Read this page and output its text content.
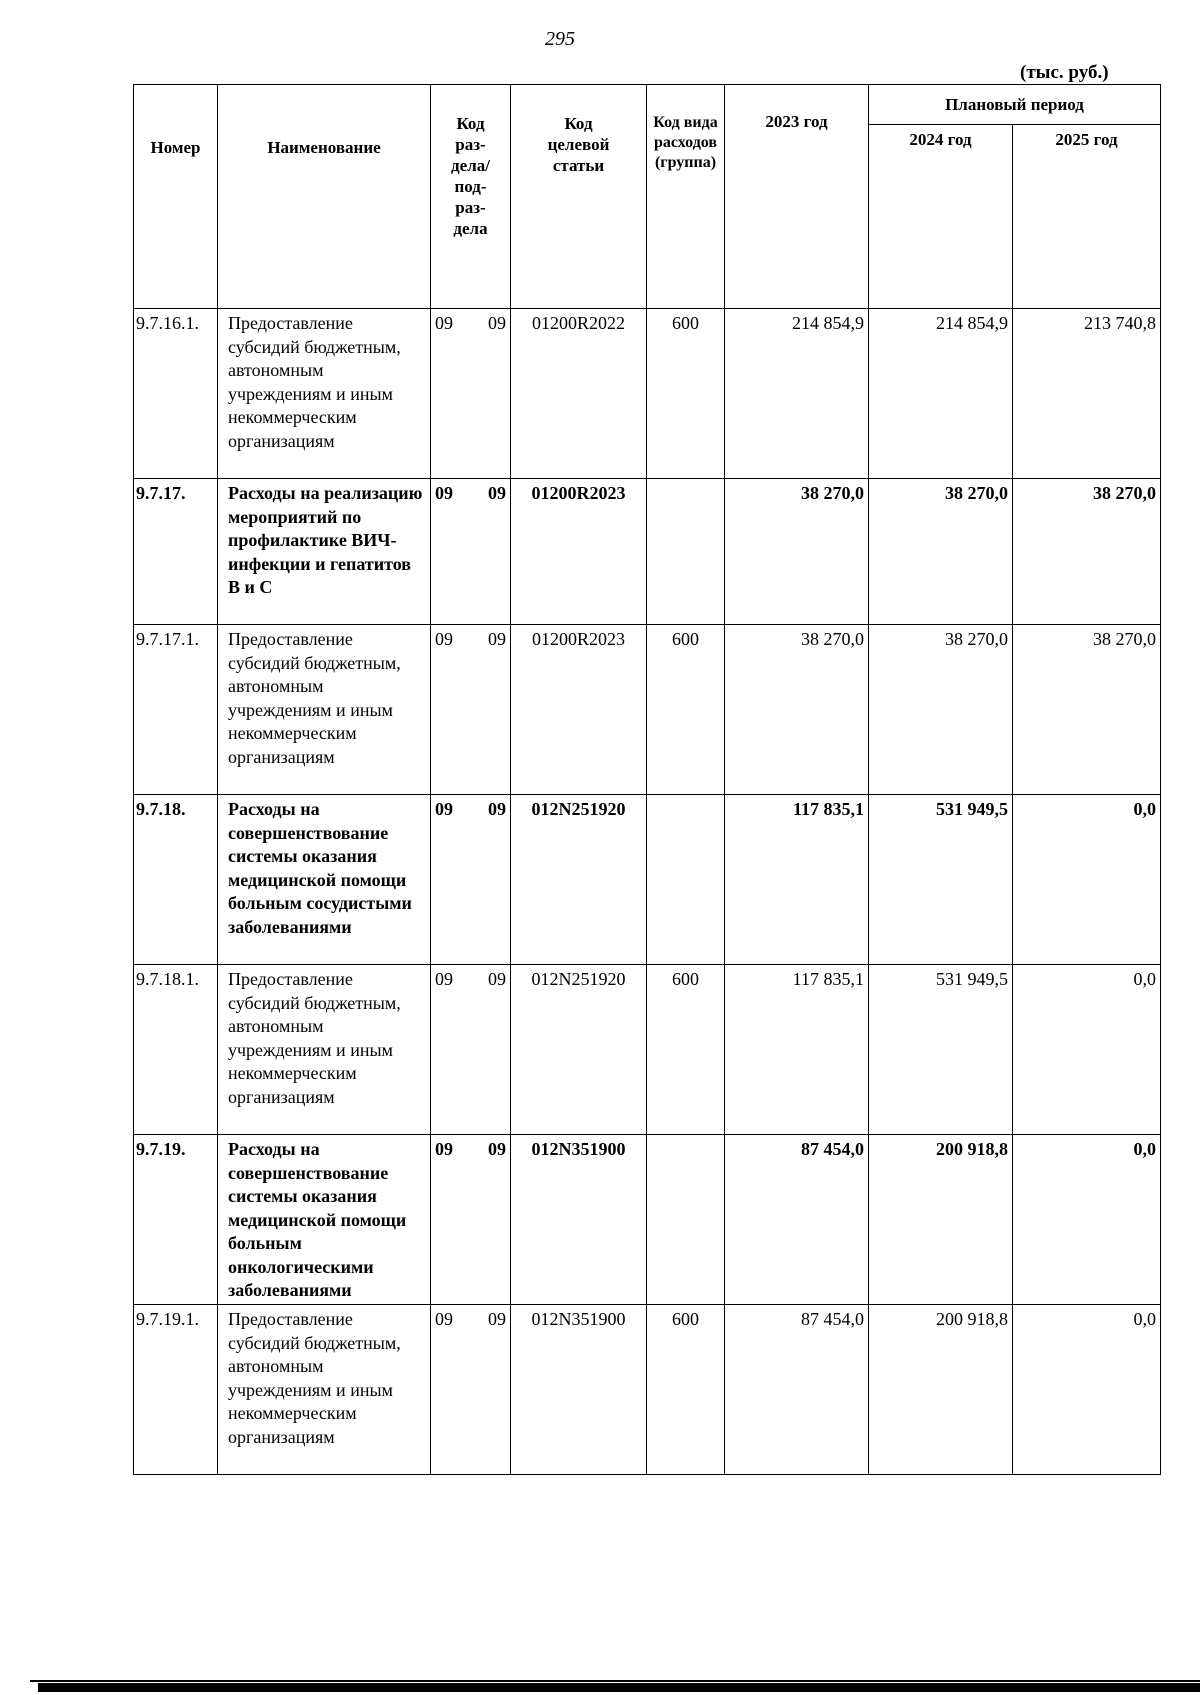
295
(тыс. руб.)
Номер	Наименование	Код раз- дела/ под- раз- дела	Код целевой статьи	Код вида расходов (группа)	2023 год	Плановый период	
						2024 год	2025 год
9.7.16.1.	Предоставление субсидий бюджетным, автономным учреждениям и иным некоммерческим организациям	09 09	01200R2022	600	214 854,9	214 854,9	213 740,8
9.7.17.	Расходы на реализацию мероприятий по профилактике ВИЧ-инфекции и гепатитов B и C	09 09	01200R2023		38 270,0	38 270,0	38 270,0
9.7.17.1.	Предоставление субсидий бюджетным, автономным учреждениям и иным некоммерческим организациям	09 09	01200R2023	600	38 270,0	38 270,0	38 270,0
9.7.18.	Расходы на совершенствование системы оказания медицинской помощи больным сосудистыми заболеваниями	09 09	012N251920		117 835,1	531 949,5	0,0
9.7.18.1.	Предоставление субсидий бюджетным, автономным учреждениям и иным некоммерческим организациям	09 09	012N251920	600	117 835,1	531 949,5	0,0
9.7.19.	Расходы на совершенствование системы оказания медицинской помощи больным онкологическими заболеваниями	09 09	012N351900		87 454,0	200 918,8	0,0
9.7.19.1.	Предоставление субсидий бюджетным, автономным учреждениям и иным некоммерческим организациям	09 09	012N351900	600	87 454,0	200 918,8	0,0
